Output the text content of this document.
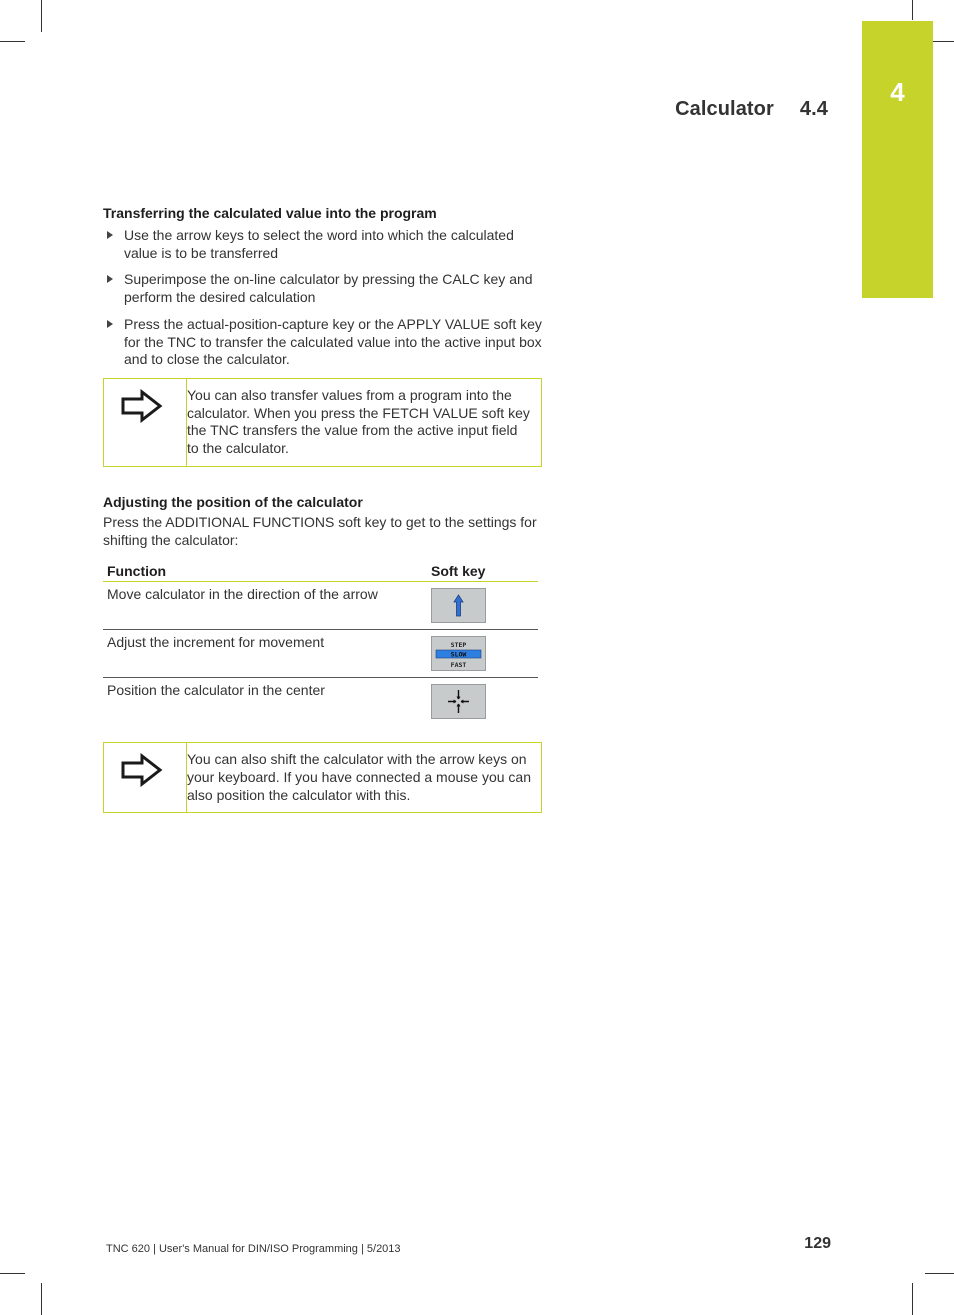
4
Calculator 4.4
Transferring the calculated value into the program
Use the arrow keys to select the word into which the calculated value is to be transferred
Superimpose the on-line calculator by pressing the CALC key and perform the desired calculation
Press the actual-position-capture key or the APPLY VALUE soft key for the TNC to transfer the calculated value into the active input box and to close the calculator.
You can also transfer values from a program into the calculator. When you press the FETCH VALUE soft key the TNC transfers the value from the active input field to the calculator.
Adjusting the position of the calculator

Press the ADDITIONAL FUNCTIONS soft key to get to the settings for shifting the calculator:

Function	Soft key
Move calculator in the direction of the arrow	

Adjust the increment for movement	STEP
SLOW
FAST

Position the calculator in the center	
You can also shift the calculator with the arrow keys on your keyboard. If you have connected a mouse you can also position the calculator with this.
TNC 620 | User's Manual for DIN/ISO Programming | 5/2013	129
